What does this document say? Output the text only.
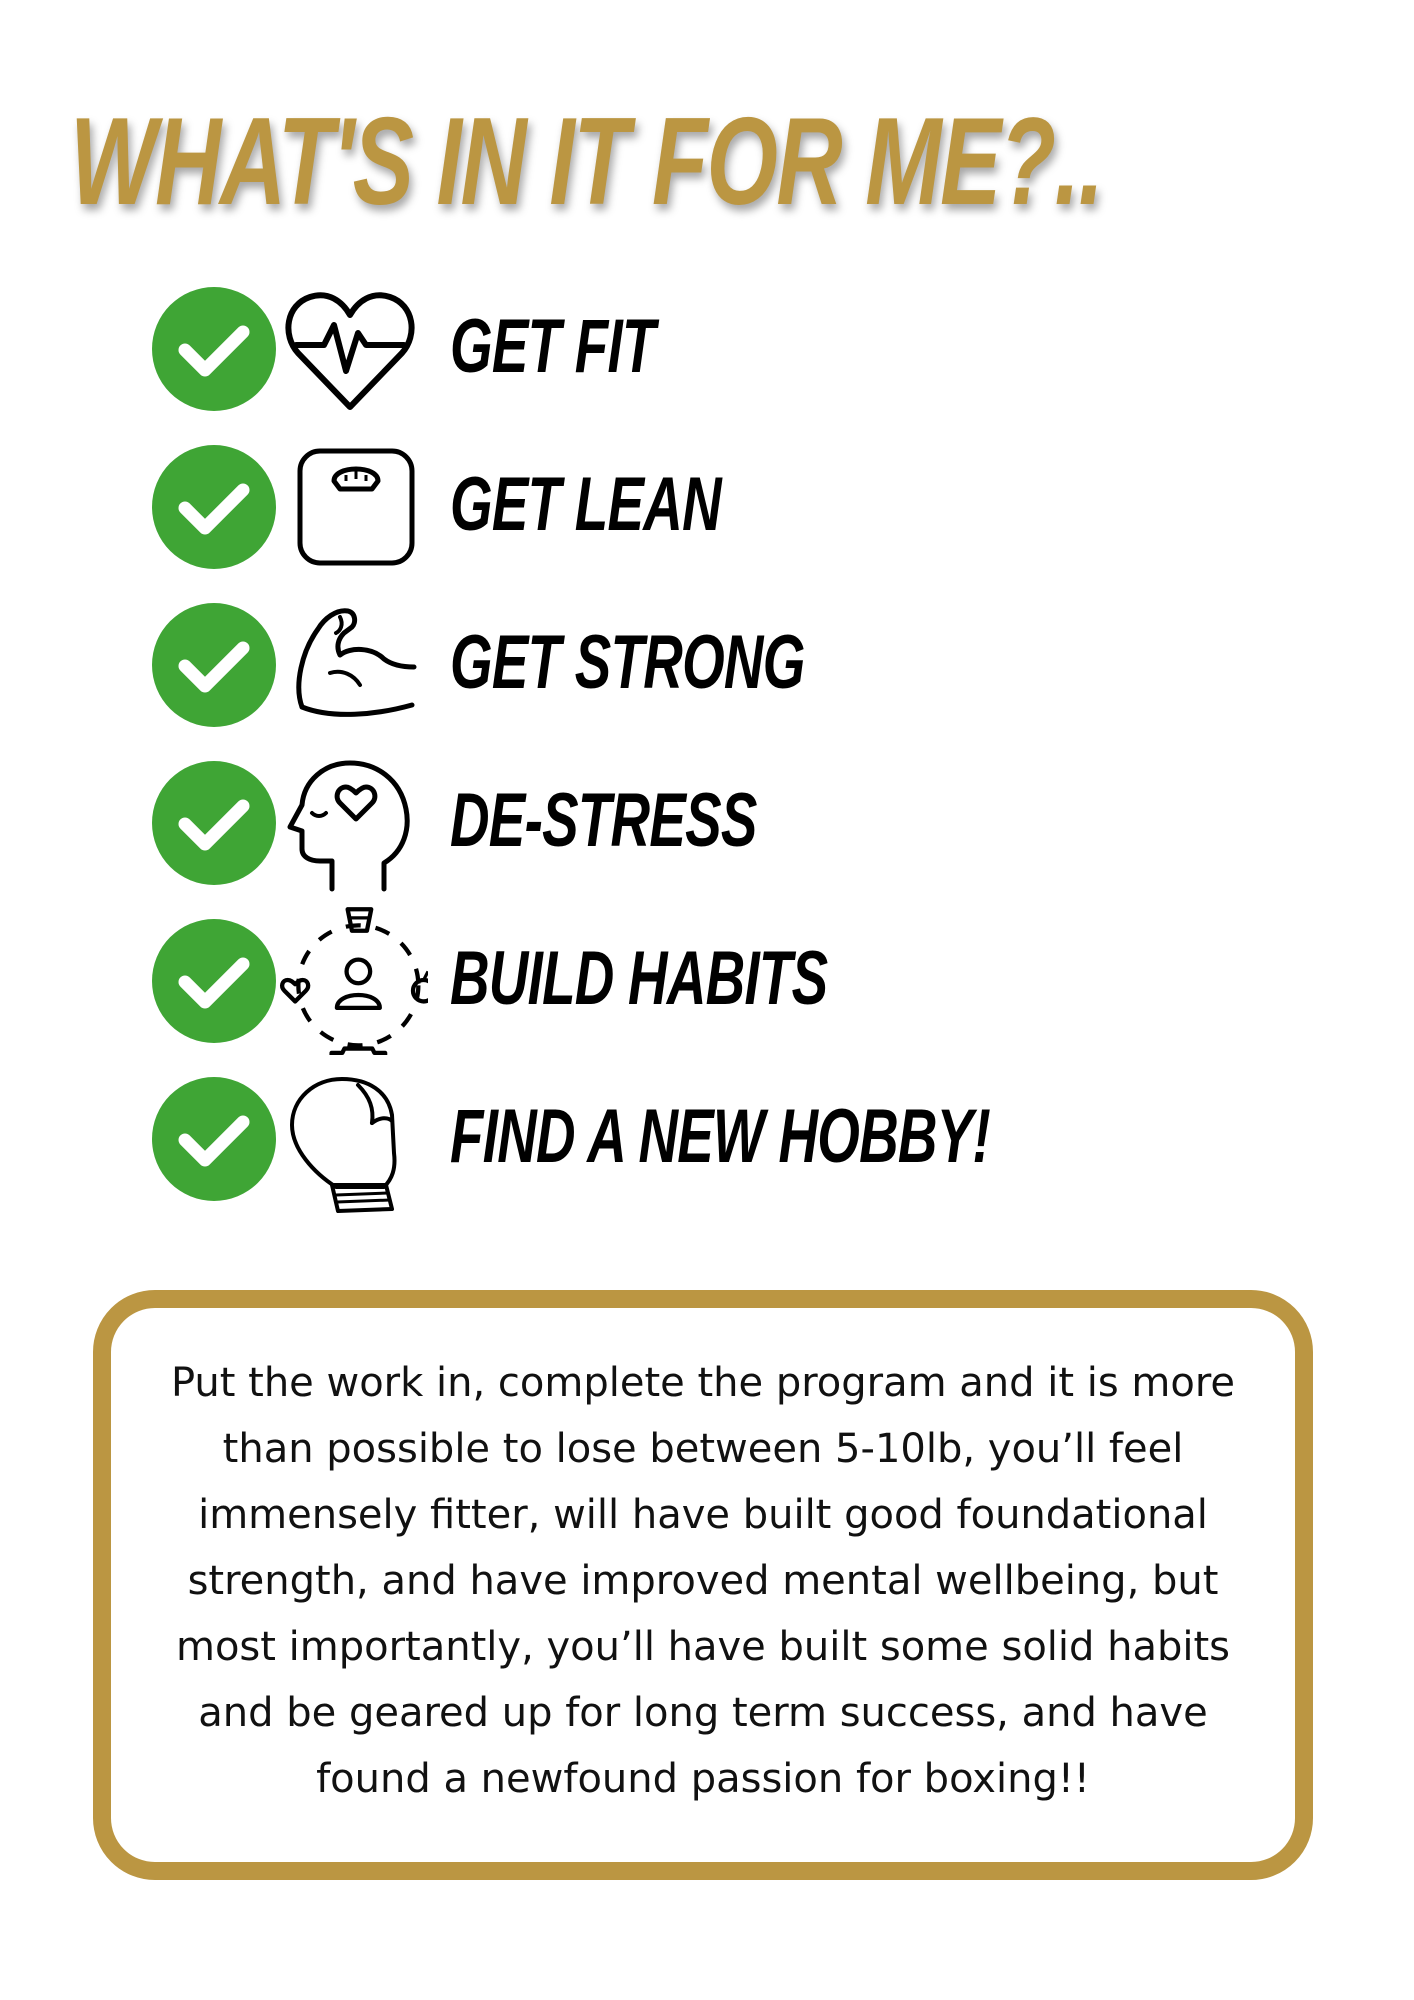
WHAT'S IN IT FOR ME?..
GET FIT
GET LEAN
GET STRONG
DE-STRESS
BUILD HABITS
FIND A NEW HOBBY!

Put the work in, complete the program and it is more than possible to lose between 5-10lb, you’ll feel immensely fitter, will have built good foundational strength, and have improved mental wellbeing, but most importantly, you’ll have built some solid habits and be geared up for long term success, and have found a newfound passion for boxing!!
